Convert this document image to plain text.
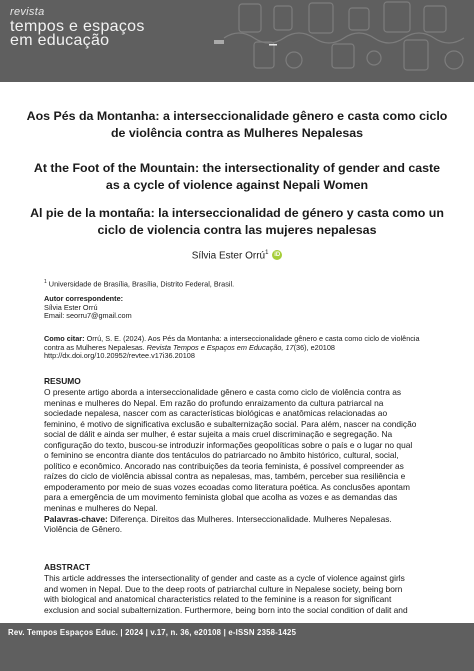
revista
tempos e espaços
em educação
Aos Pés da Montanha: a interseccionalidade gênero e casta como ciclo
de violência contra as Mulheres Nepalesas
At the Foot of the Mountain: the intersectionality of gender and caste
as a cycle of violence against Nepali Women
Al pie de la montaña: la interseccionalidad de género y casta como un
ciclo de violencia contra las mujeres nepalesas
Sílvia Ester Orrú$^1$ iD
$^1$ Universidade de Brasília, Brasília, Distrito Federal, Brasil.
Autor correspondente:
Sílvia Ester Orrú
Email: seorru7@gmail.com
Como citar: Orrú, S. E. (2024). Aos Pés da Montanha: a interseccionalidade gênero e casta como ciclo de violência
contra as Mulheres Nepalesas. Revista Tempos e Espaços em Educação, 17(36), e20108
http://dx.doi.org/10.20952/revtee.v17i36.20108
RESUMO
O presente artigo aborda a interseccionalidade gênero e casta como ciclo de violência contra as
meninas e mulheres do Nepal. Em razão do profundo enraizamento da cultura patriarcal na
sociedade nepalesa, nascer com as características biológicas e anatômicas relacionadas ao
feminino, é motivo de significativa exclusão e subalternização social. Para além, nascer na condição
social de dálit e ainda ser mulher, é estar sujeita a mais cruel discriminação e segregação. Na
configuração do texto, buscou-se introduzir informações geopolíticas sobre o país e o lugar no qual
o feminino se encontra diante dos tentáculos do patriarcado no âmbito histórico, cultural, social,
político e econômico. Ancorado nas contribuições da teoria feminista, é possível compreender as
raízes do ciclo de violência abissal contra as nepalesas, mas, também, perceber sua resiliência e
empoderamento por meio de suas vozes ecoadas como literatura poética. As conclusões apontam
para a emergência de um movimento feminista global que acolha as vozes e as demandas das
meninas e mulheres do Nepal.
Palavras-chave: Diferença. Direitos das Mulheres. Interseccionalidade. Mulheres Nepalesas.
Violência de Gênero.
ABSTRACT
This article addresses the intersectionality of gender and caste as a cycle of violence against girls
and women in Nepal. Due to the deep roots of patriarchal culture in Nepalese society, being born
with biological and anatomical characteristics related to the feminine is a reason for significant
exclusion and social subalternization. Furthermore, being born into the social condition of dalit and
Rev. Tempos Espaços Educ. | 2024 | v.17, n. 36, e20108 | e-ISSN 2358-1425
